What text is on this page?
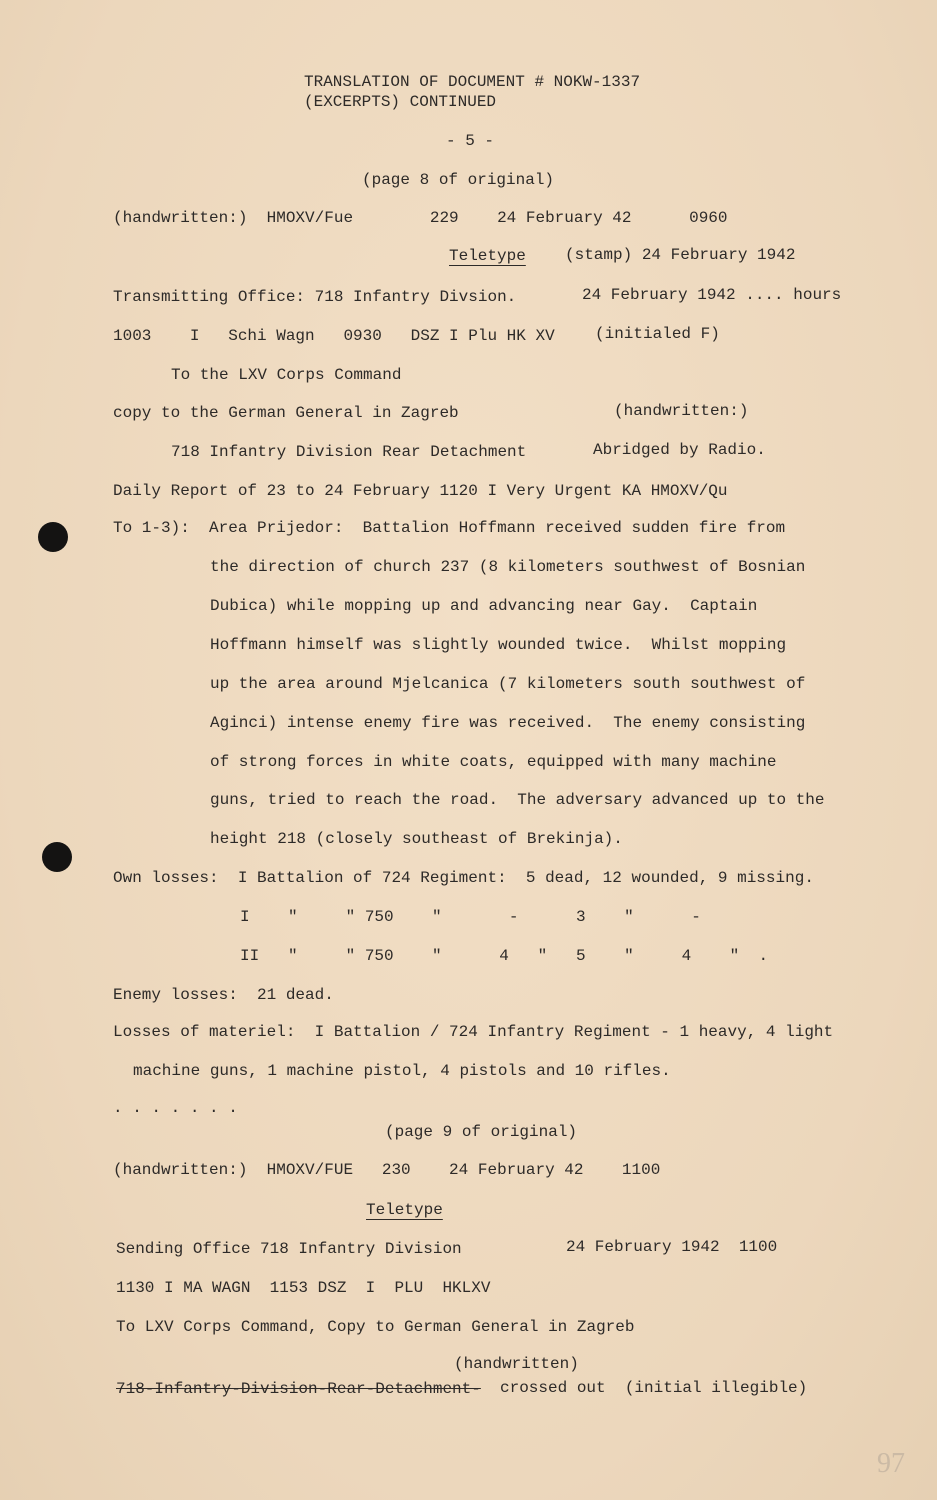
TRANSLATION OF DOCUMENT # NOKW-1337
(EXCERPTS) CONTINUED
- 5 -
(page 8 of original)
(handwritten:)  HMOXV/Fue        229    24 February 42      0960
Teletype (stamp) 24 February 1942
Transmitting Office: 718 Infantry Divsion.	24 February 1942 .... hours
1003    I   Schi Wagn   0930   DSZ I Plu HK XV	(initialed F)
To the LXV Corps Command
copy to the German General in Zagreb	(handwritten:)
718 Infantry Division Rear Detachment	Abridged by Radio.
Daily Report of 23 to 24 February 1120 I Very Urgent KA HMOXV/Qu
To 1-3):  Area Prijedor:  Battalion Hoffmann received sudden fire from
the direction of church 237 (8 kilometers southwest of Bosnian
Dubica) while mopping up and advancing near Gay.  Captain
Hoffmann himself was slightly wounded twice.  Whilst mopping
up the area around Mjelcanica (7 kilometers south southwest of
Aginci) intense enemy fire was received.  The enemy consisting
of strong forces in white coats, equipped with many machine
guns, tried to reach the road.  The adversary advanced up to the
height 218 (closely southeast of Brekinja).
Own losses:  I Battalion of 724 Regiment:  5 dead, 12 wounded, 9 missing.
I    "     " 750    "       -      3    "      -
II   "     " 750    "      4   "   5    "     4    "  .
Enemy losses:  21 dead.
Losses of materiel:  I Battalion / 724 Infantry Regiment - 1 heavy, 4 light
machine guns, 1 machine pistol, 4 pistols and 10 rifles.
. . . . . . .
(page 9 of original)
(handwritten:)  HMOXV/FUE   230    24 February 42    1100
Teletype
Sending Office 718 Infantry Division	24 February 1942  1100
1130 I MA WAGN  1153 DSZ  I  PLU  HKLXV
To LXV Corps Command, Copy to German General in Zagreb
(handwritten)
718-Infantry-Division-Rear-Detachment- crossed out  (initial illegible)
97
